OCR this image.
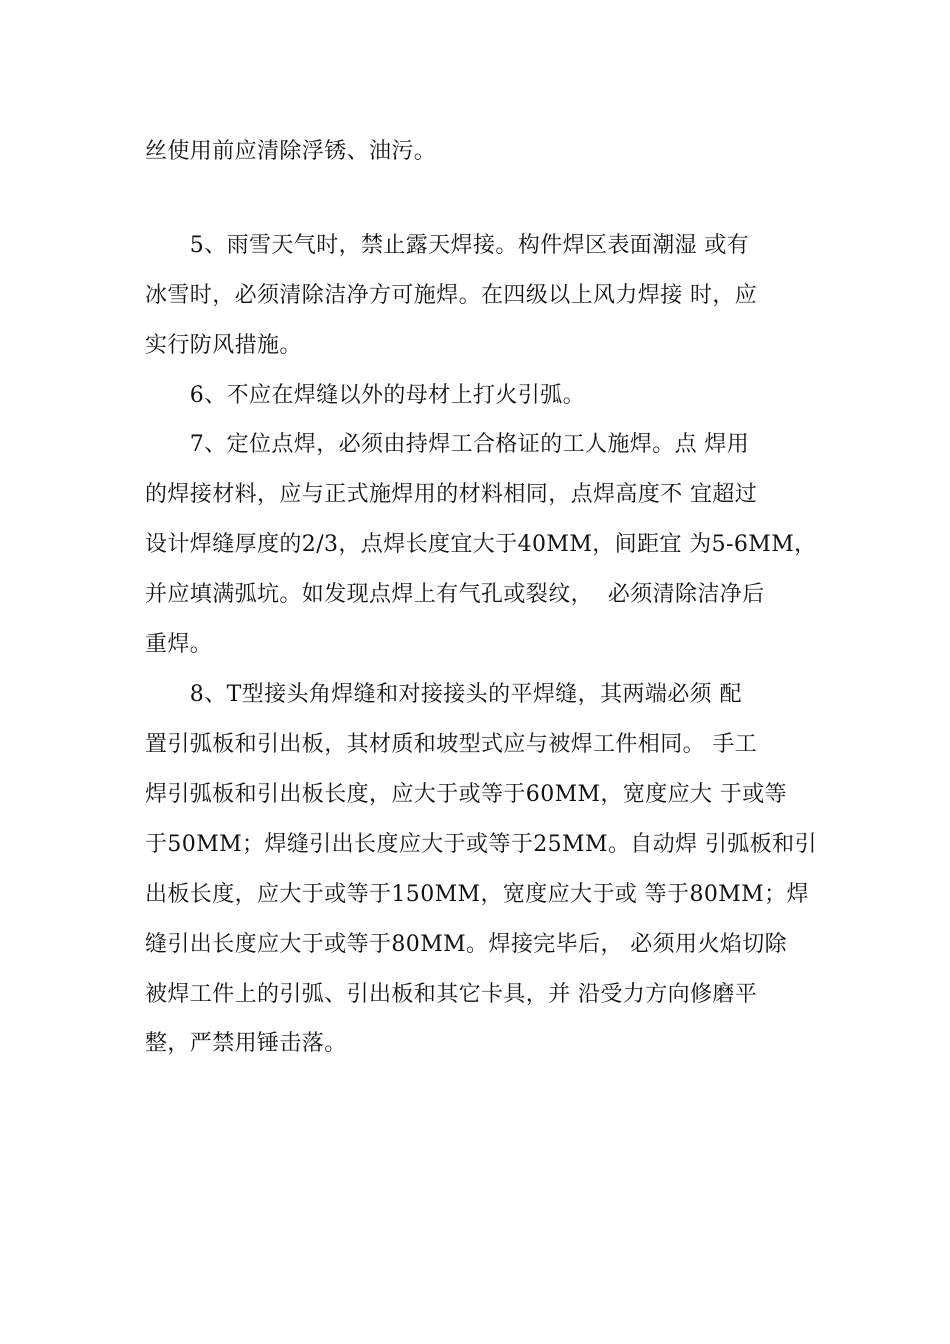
丝使用前应清除浮锈、油污。
　　5、雨雪天气时，禁止露天焊接。构件焊区表面潮湿 或有
冰雪时，必须清除洁净方可施焊。在四级以上风力焊接 时，应
实行防风措施。
　　6、不应在焊缝以外的母材上打火引弧。
　　7、定位点焊，必须由持焊工合格证的工人施焊。点 焊用
的焊接材料，应与正式施焊用的材料相同，点焊高度不 宜超过
设计焊缝厚度的2/3，点焊长度宜大于40MM，间距宜 为5-6MM，
并应填满弧坑。如发现点焊上有气孔或裂纹，  必须清除洁净后
重焊。
　　8、T型接头角焊缝和对接接头的平焊缝，其两端必须 配
置引弧板和引出板，其材质和坡型式应与被焊工件相同。 手工
焊引弧板和引出板长度，应大于或等于60MM，宽度应大 于或等
于50MM；焊缝引出长度应大于或等于25MM。自动焊 引弧板和引
出板长度，应大于或等于150MM，宽度应大于或 等于80MM；焊
缝引出长度应大于或等于80MM。焊接完毕后， 必须用火焰切除
被焊工件上的引弧、引出板和其它卡具，并 沿受力方向修磨平
整，严禁用锤击落。
